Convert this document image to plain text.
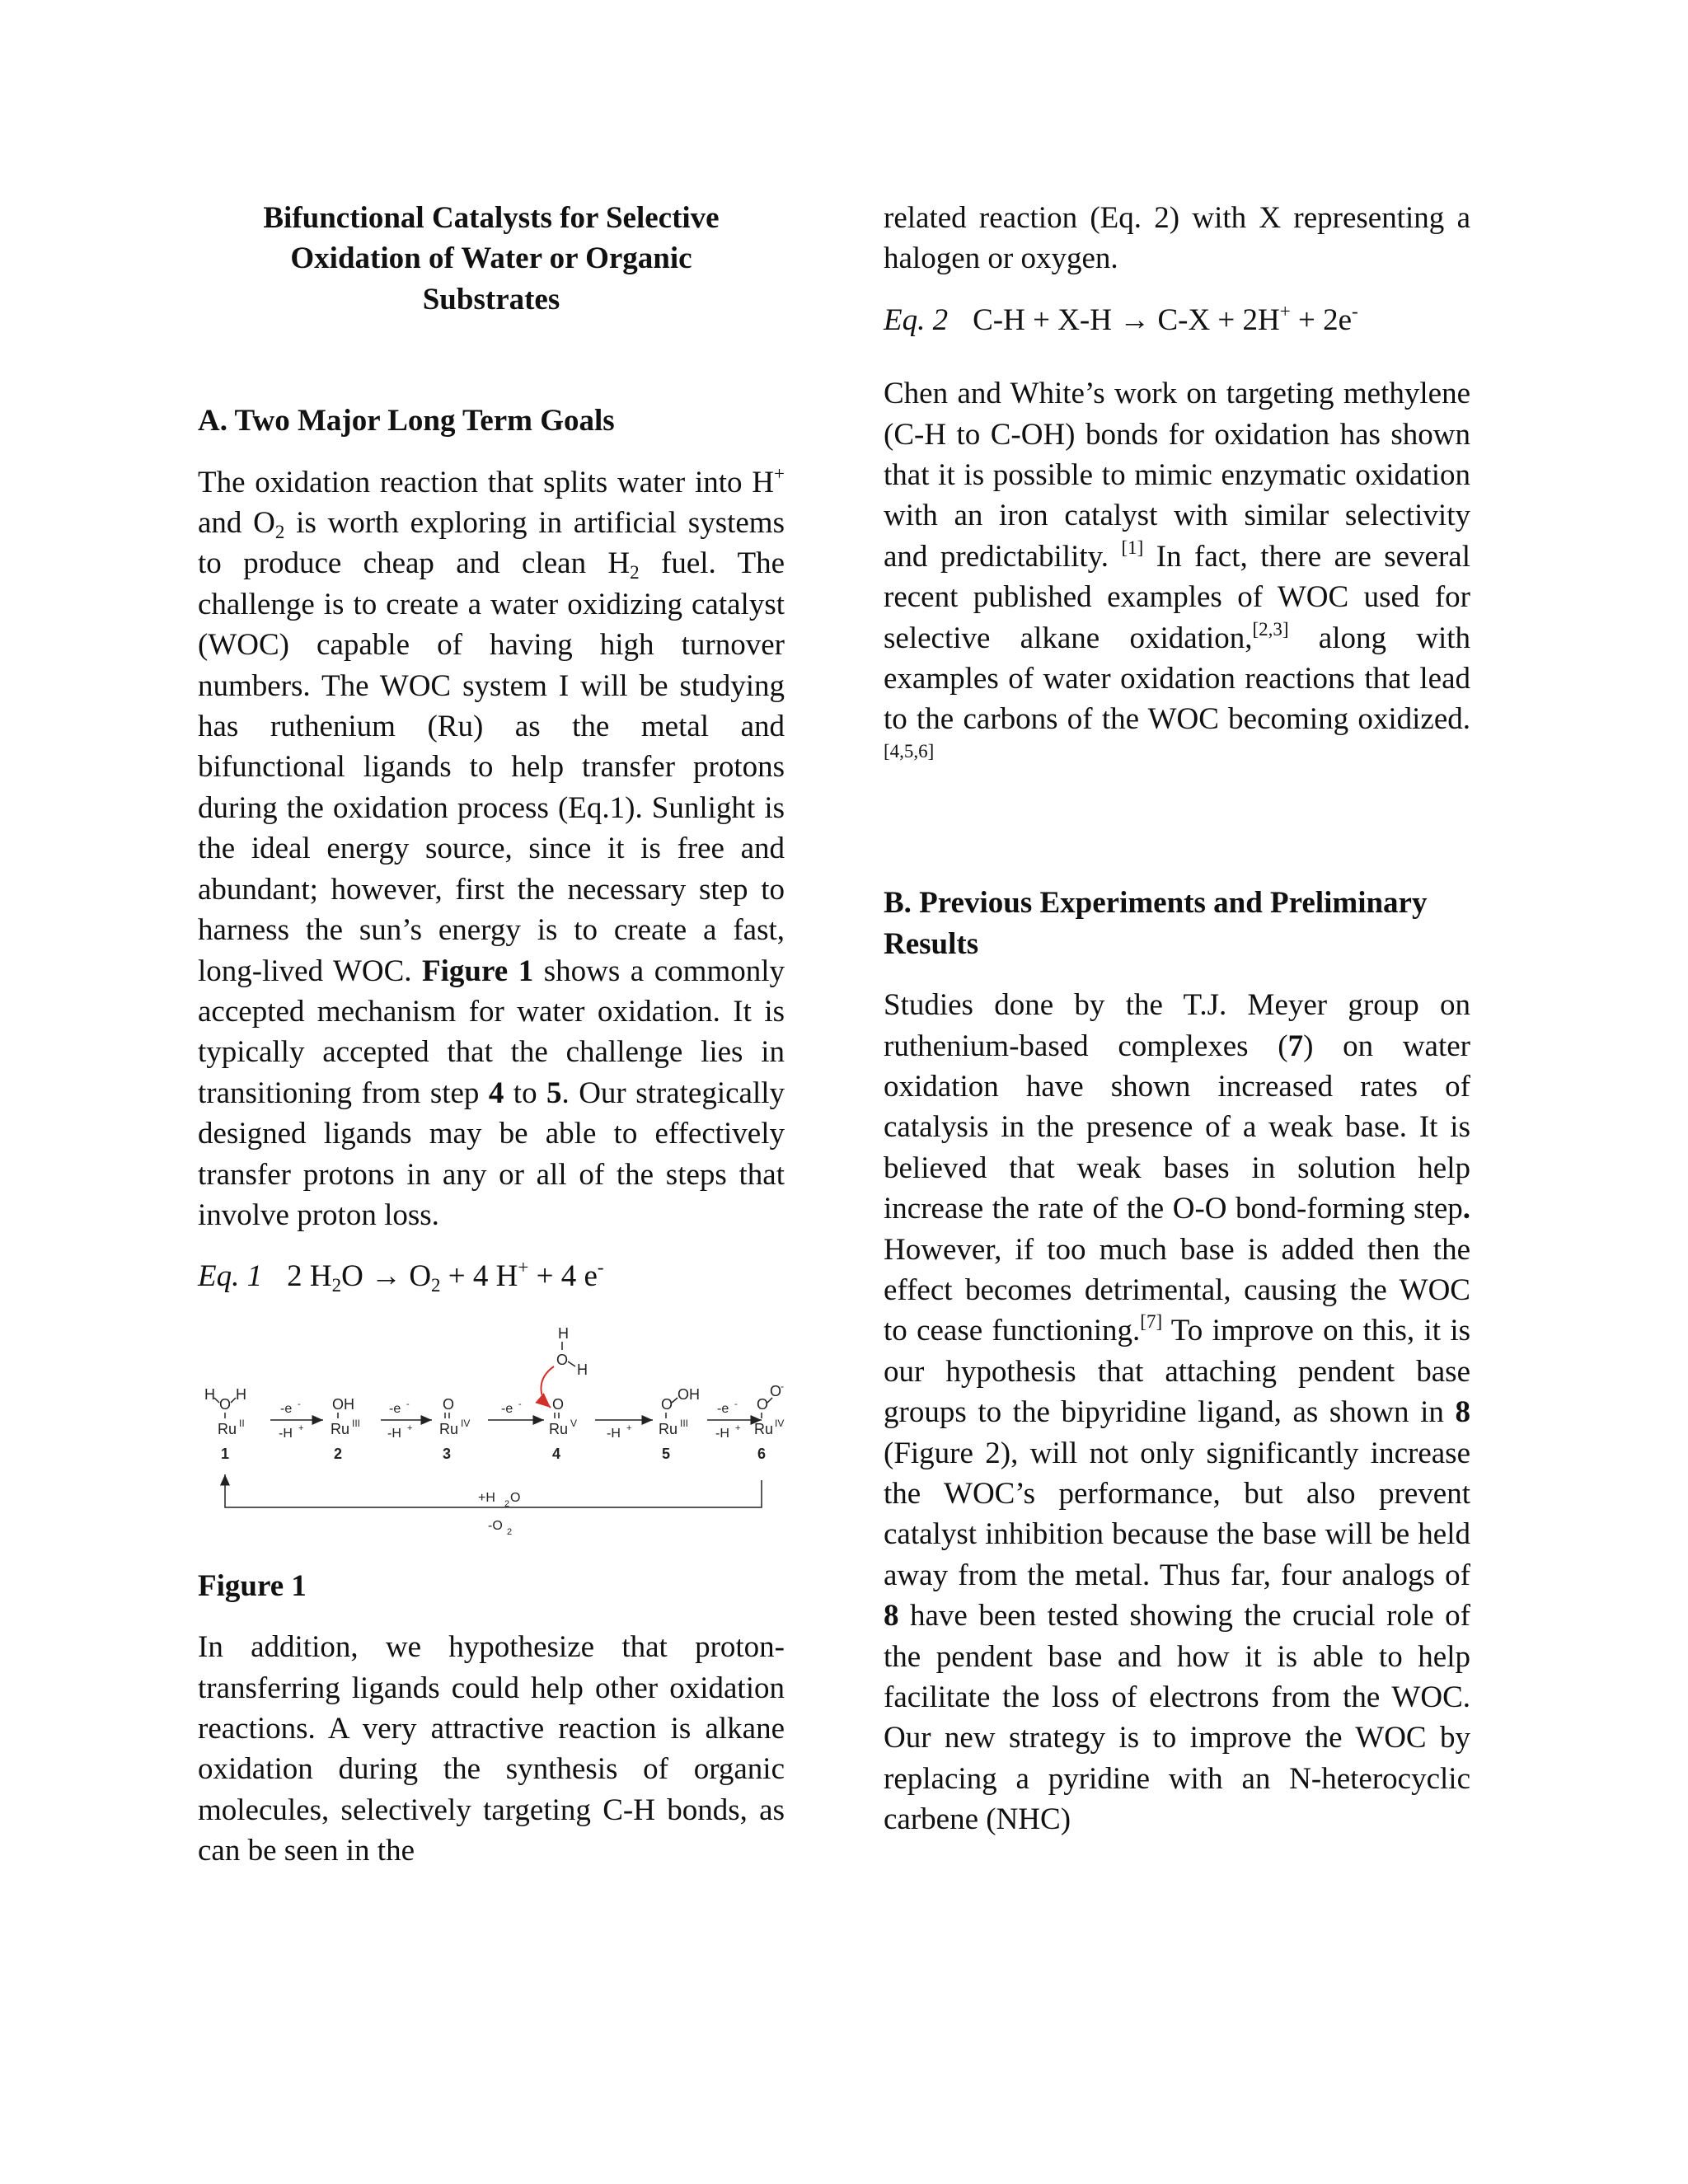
Bifunctional Catalysts for Selective
Oxidation of Water or Organic
Substrates
A. Two Major Long Term Goals

The oxidation reaction that splits water into H+ and $O_2$ is worth exploring in artificial systems to produce cheap and clean $H_2$ fuel. The challenge is to create a water oxidizing catalyst (WOC) capable of having high turnover numbers. The WOC system I will be studying has ruthenium (Ru) as the metal and bifunctional ligands to help transfer protons during the oxidation process (Eq.1). Sunlight is the ideal energy source, since it is free and abundant; however, first the necessary step to harness the sun’s energy is to create a fast, long-lived WOC. Figure 1 shows a commonly accepted mechanism for water oxidation. It is typically accepted that the challenge lies in transitioning from step 4 to 5. Our strategically designed ligands may be able to effectively transfer protons in any or all of the steps that involve proton loss.

Eq. 1 2 $H_2O \to O_2 + 4$ H+ + 4 e-

H
O
H
H
O
H
Ru II
1
-e -
-H +
OH
Ru III
2
-e -
-H +
O
Ru IV
3
-e - O
Ru V
4
-H +
O
OH
Ru III
5
-e -
-H +
O
O
-
Ru IV
6
+H 2 O
-O 2

Figure 1

In addition, we hypothesize that proton-transferring ligands could help other oxidation reactions. A very attractive reaction is alkane oxidation during the synthesis of organic molecules, selectively targeting C-H bonds, as can be seen in the

related reaction (Eq. 2) with X representing a halogen or oxygen.

Eq. 2 C-H + X-H → C-X + 2H+ + 2e-

Chen and White’s work on targeting methylene (C-H to C-OH) bonds for oxidation has shown that it is possible to mimic enzymatic oxidation with an iron catalyst with similar selectivity and predictability. [1] In fact, there are several recent published examples of WOC used for selective alkane oxidation,[2,3] along with examples of water oxidation reactions that lead to the carbons of the WOC becoming oxidized.[4,5,6]

B. Previous Experiments and Preliminary Results

Studies done by the T.J. Meyer group on ruthenium-based complexes (7) on water oxidation have shown increased rates of catalysis in the presence of a weak base. It is believed that weak bases in solution help increase the rate of the O-O bond-forming step. However, if too much base is added then the effect becomes detrimental, causing the WOC to cease functioning.[7] To improve on this, it is our hypothesis that attaching pendent base groups to the bipyridine ligand, as shown in 8 (Figure 2), will not only significantly increase the WOC’s performance, but also prevent catalyst inhibition because the base will be held away from the metal. Thus far, four analogs of 8 have been tested showing the crucial role of the pendent base and how it is able to help facilitate the loss of electrons from the WOC. Our new strategy is to improve the WOC by replacing a pyridine with an N-heterocyclic carbene (NHC)
